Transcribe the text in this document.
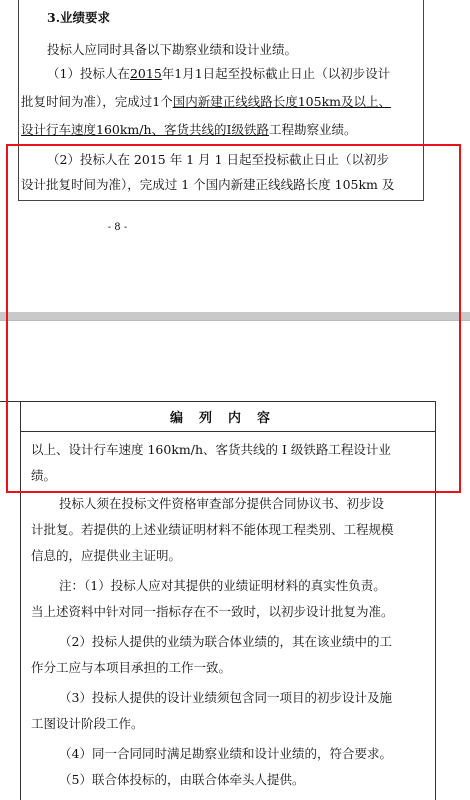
3.业绩要求
投标人应同时具备以下勘察业绩和设计业绩。
（1）投标人在2015年1月1日起至投标截止日止（以初步设计
批复时间为准），完成过1个国内新建正线线路长度105km及以上、
设计行车速度160km/h、客货共线的I级铁路工程勘察业绩。
（2）投标人在 2015 年 1 月 1 日起至投标截止日止（以初步
设计批复时间为准），完成过 1 个国内新建正线线路长度 105km 及
- 8 -
编列内容
以上、设计行车速度 160km/h、客货共线的 I 级铁路工程设计业
绩。
投标人须在投标文件资格审查部分提供合同协议书、初步设
计批复。若提供的上述业绩证明材料不能体现工程类别、工程规模
信息的，应提供业主证明。
注：（1）投标人应对其提供的业绩证明材料的真实性负责。
当上述资料中针对同一指标存在不一致时，以初步设计批复为准。
（2）投标人提供的业绩为联合体业绩的，其在该业绩中的工
作分工应与本项目承担的工作一致。
（3）投标人提供的设计业绩须包含同一项目的初步设计及施
工图设计阶段工作。
（4）同一合同同时满足勘察业绩和设计业绩的，符合要求。
（5）联合体投标的，由联合体牵头人提供。
